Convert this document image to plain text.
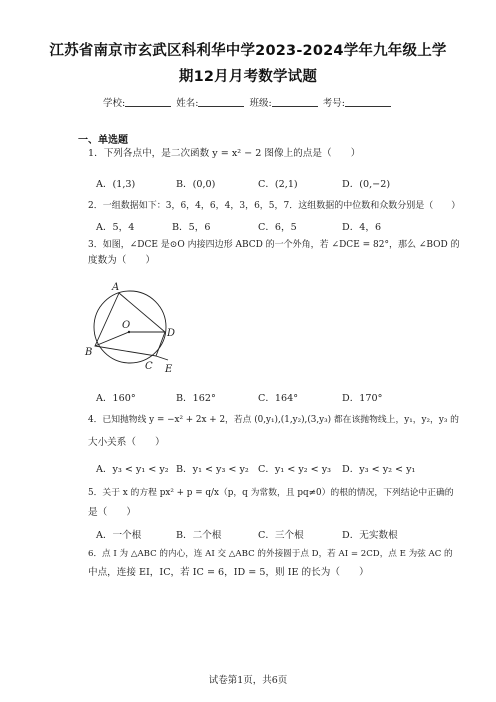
江苏省南京市玄武区科利华中学2023-2024学年九年级上学
期12月月考数学试题
学校:	姓名:	班级:	考号:
一、单选题
1．下列各点中，是二次函数 y = x² − 2 图像上的点是（　　）
A．(1,3)	B．(0,0)	C．(2,1)	D．(0,−2)
2．一组数据如下：3，6，4，6，4，3，6，5，7．这组数据的中位数和众数分别是（　　）
A．5，4	B．5，6	C．6，5	D．4，6
3．如图，∠DCE 是⊙O 内接四边形 ABCD 的一个外角，若 ∠DCE = 82°，那么 ∠BOD 的
度数为（　　）
A
O
D
B
C E
A．160°	B．162°	C．164°	D．170°
4．已知抛物线 y = −x² + 2x + 2，若点 (0,y₁),(1,y₂),(3,y₃) 都在该抛物线上，y₁，y₂，y₃ 的
大小关系（　　）
A．y₃ < y₁ < y₂ B．y₁ < y₃ < y₂ C．y₁ < y₂ < y₃ D．y₃ < y₂ < y₁
5．关于 x 的方程 px² + p = q/x（p，q 为常数，且 pq≠0）的根的情况，下列结论中正确的
是（　　）
A．一个根	B．二个根	C．三个根	D．无实数根
6．点 I 为 △ABC 的内心，连 AI 交 △ABC 的外接圆于点 D，若 AI = 2CD，点 E 为弦 AC 的
中点，连接 EI，IC，若 IC = 6，ID = 5，则 IE 的长为（　　）
试卷第1页，共6页
